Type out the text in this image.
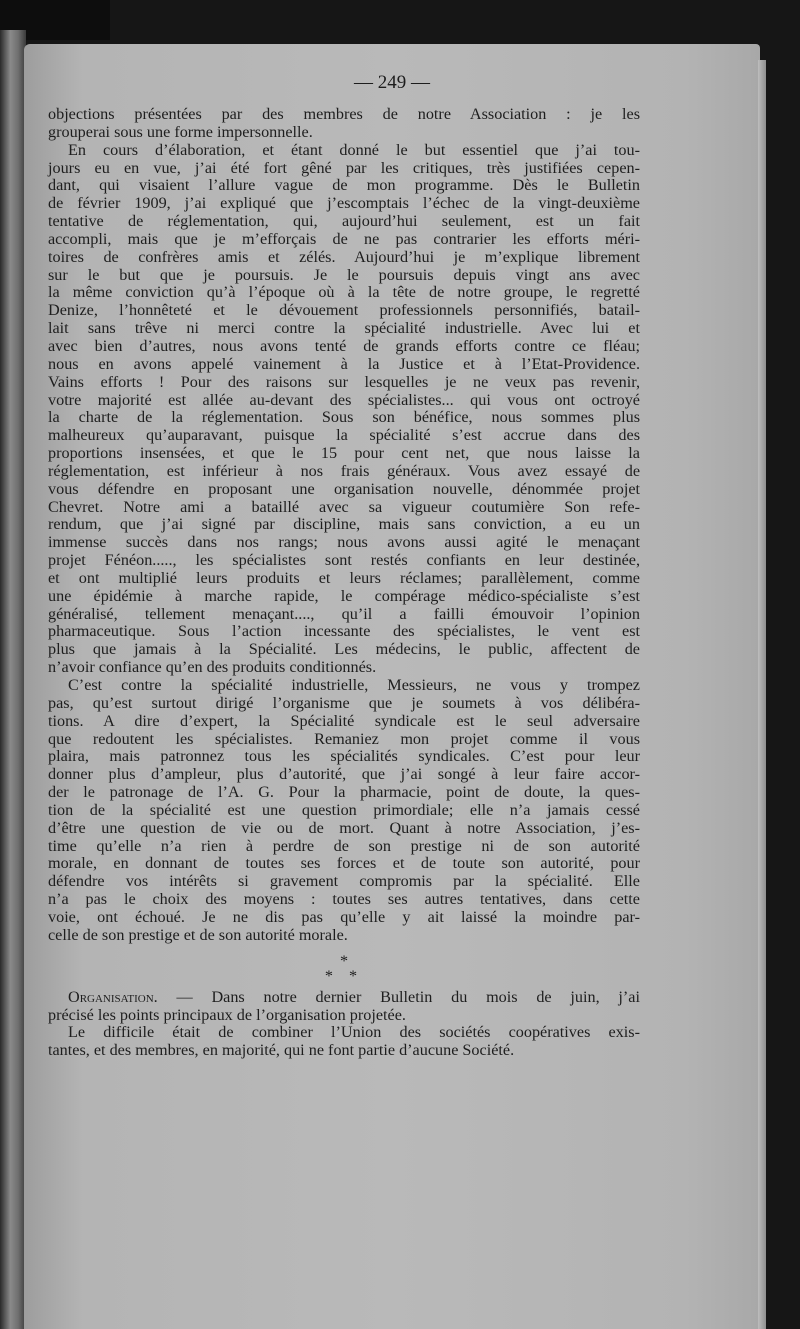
— 249 —
objections présentées par des membres de notre Association : je les
grouperai sous une forme impersonnelle.
En cours d’élaboration, et étant donné le but essentiel que j’ai tou-
jours eu en vue, j’ai été fort gêné par les critiques, très justifiées cepen-
dant, qui visaient l’allure vague de mon programme. Dès le Bulletin
de février 1909, j’ai expliqué que j’escomptais l’échec de la vingt-deuxième
tentative de réglementation, qui, aujourd’hui seulement, est un fait
accompli, mais que je m’efforçais de ne pas contrarier les efforts méri-
toires de confrères amis et zélés. Aujourd’hui je m’explique librement
sur le but que je poursuis. Je le poursuis depuis vingt ans avec
la même conviction qu’à l’époque où à la tête de notre groupe, le regretté
Denize, l’honnêteté et le dévouement professionnels personnifiés, batail-
lait sans trêve ni merci contre la spécialité industrielle. Avec lui et
avec bien d’autres, nous avons tenté de grands efforts contre ce fléau;
nous en avons appelé vainement à la Justice et à l’Etat-Providence.
Vains efforts ! Pour des raisons sur lesquelles je ne veux pas revenir,
votre majorité est allée au-devant des spécialistes... qui vous ont octroyé
la charte de la réglementation. Sous son bénéfice, nous sommes plus
malheureux qu’auparavant, puisque la spécialité s’est accrue dans des
proportions insensées, et que le 15 pour cent net, que nous laisse la
réglementation, est inférieur à nos frais généraux. Vous avez essayé de
vous défendre en proposant une organisation nouvelle, dénommée projet
Chevret. Notre ami a bataillé avec sa vigueur coutumière Son refe-
rendum, que j’ai signé par discipline, mais sans conviction, a eu un
immense succès dans nos rangs; nous avons aussi agité le menaçant
projet Fénéon....., les spécialistes sont restés confiants en leur destinée,
et ont multiplié leurs produits et leurs réclames; parallèlement, comme
une épidémie à marche rapide, le compérage médico-spécialiste s’est
généralisé, tellement menaçant...., qu’il a failli émouvoir l’opinion
pharmaceutique. Sous l’action incessante des spécialistes, le vent est
plus que jamais à la Spécialité. Les médecins, le public, affectent de
n’avoir confiance qu’en des produits conditionnés.
C’est contre la spécialité industrielle, Messieurs, ne vous y trompez
pas, qu’est surtout dirigé l’organisme que je soumets à vos délibéra-
tions. A dire d’expert, la Spécialité syndicale est le seul adversaire
que redoutent les spécialistes. Remaniez mon projet comme il vous
plaira, mais patronnez tous les spécialités syndicales. C’est pour leur
donner plus d’ampleur, plus d’autorité, que j’ai songé à leur faire accor-
der le patronage de l’A. G. Pour la pharmacie, point de doute, la ques-
tion de la spécialité est une question primordiale; elle n’a jamais cessé
d’être une question de vie ou de mort. Quant à notre Association, j’es-
time qu’elle n’a rien à perdre de son prestige ni de son autorité
morale, en donnant de toutes ses forces et de toute son autorité, pour
défendre vos intérêts si gravement compromis par la spécialité. Elle
n’a pas le choix des moyens : toutes ses autres tentatives, dans cette
voie, ont échoué. Je ne dis pas qu’elle y ait laissé la moindre par-
celle de son prestige et de son autorité morale.
*
* *
Organisation. — Dans notre dernier Bulletin du mois de juin, j’ai
précisé les points principaux de l’organisation projetée.
Le difficile était de combiner l’Union des sociétés coopératives exis-
tantes, et des membres, en majorité, qui ne font partie d’aucune Société.
